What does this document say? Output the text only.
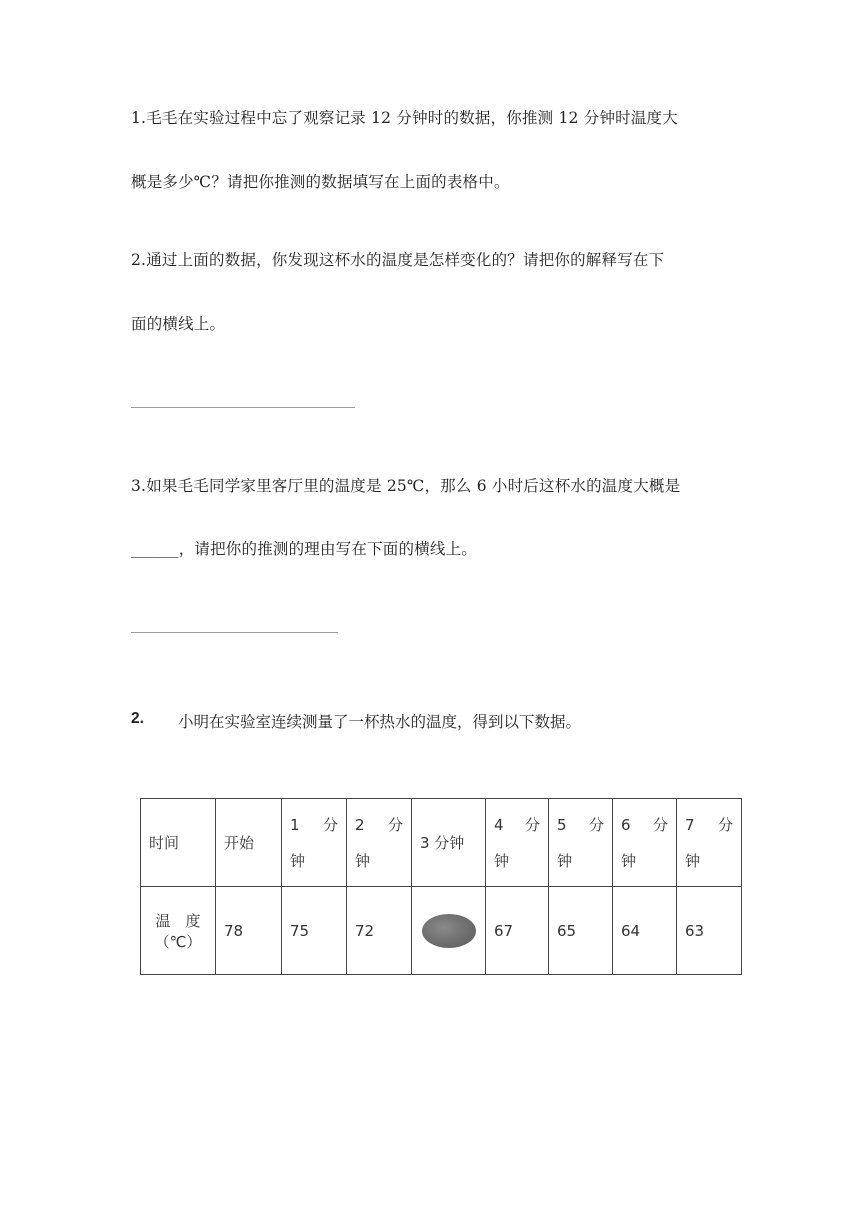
1.毛毛在实验过程中忘了观察记录 12 分钟时的数据，你推测 12 分钟时温度大
概是多少℃？请把你推测的数据填写在上面的表格中。
2.通过上面的数据，你发现这杯水的温度是怎样变化的？请把你的解释写在下
面的横线上。
3.如果毛毛同学家里客厅里的温度是 25℃，那么 6 小时后这杯水的温度大概是
______，请把你的推测的理由写在下面的横线上。
2. 小明在实验室连续测量了一杯热水的温度，得到以下数据。
时间	开始	1 分
钟	2 分
钟	3 分钟	4 分
钟	5 分
钟	6 分
钟	7 分
钟

温　度
（℃）	78	75	72		67	65	64	63
